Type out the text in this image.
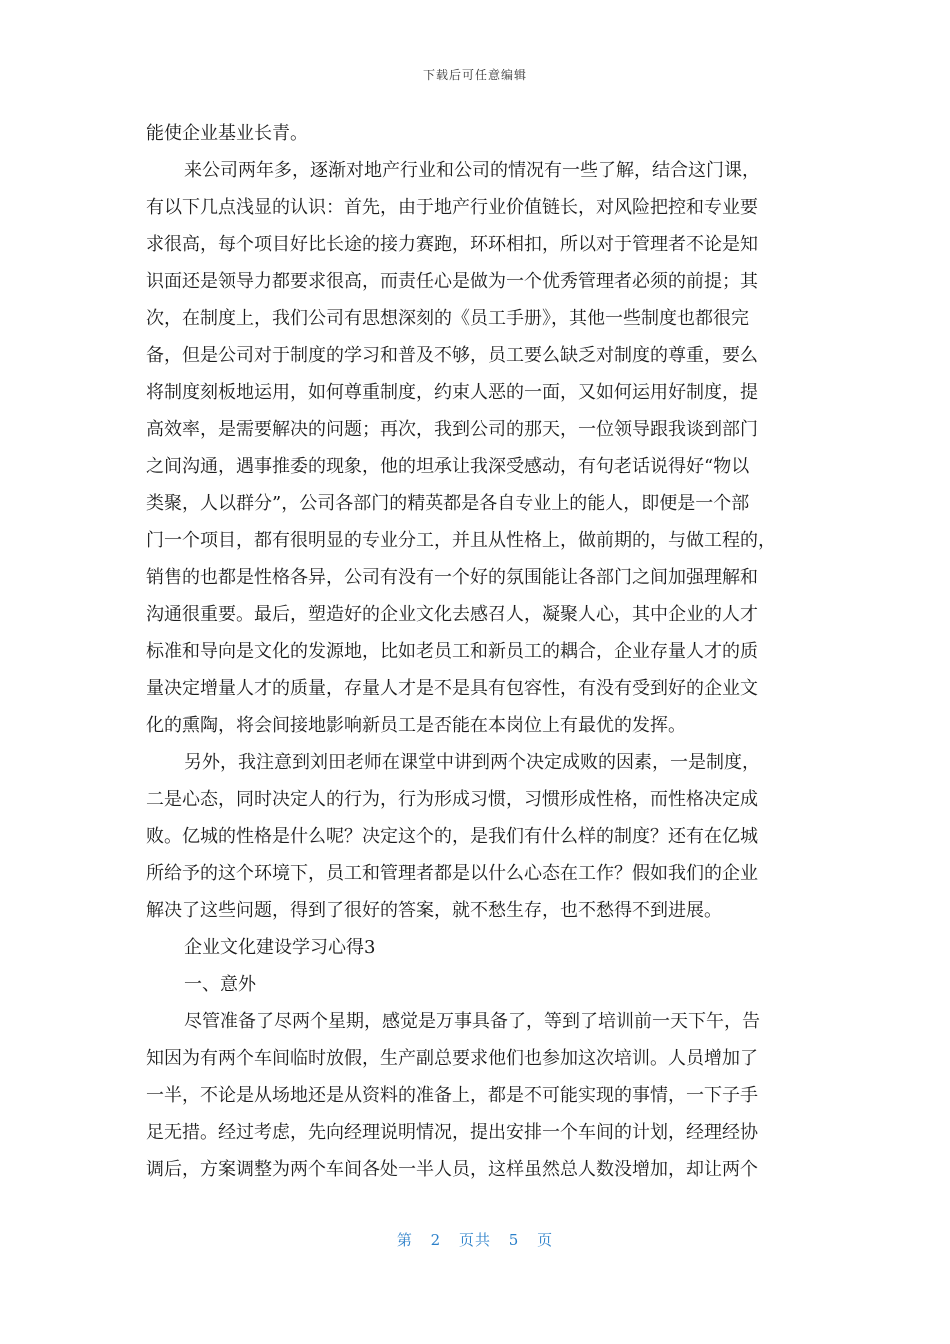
下载后可任意编辑
能使企业基业长青。
来公司两年多，逐渐对地产行业和公司的情况有一些了解，结合这门课，
有以下几点浅显的认识：首先，由于地产行业价值链长，对风险把控和专业要
求很高，每个项目好比长途的接力赛跑，环环相扣，所以对于管理者不论是知
识面还是领导力都要求很高，而责任心是做为一个优秀管理者必须的前提；其
次，在制度上，我们公司有思想深刻的《员工手册》，其他一些制度也都很完
备，但是公司对于制度的学习和普及不够，员工要么缺乏对制度的尊重，要么
将制度刻板地运用，如何尊重制度，约束人恶的一面，又如何运用好制度，提
高效率，是需要解决的问题；再次，我到公司的那天，一位领导跟我谈到部门
之间沟通，遇事推委的现象，他的坦承让我深受感动，有句老话说得好“物以
类聚，人以群分”，公司各部门的精英都是各自专业上的能人，即便是一个部
门一个项目，都有很明显的专业分工，并且从性格上，做前期的，与做工程的，
销售的也都是性格各异，公司有没有一个好的氛围能让各部门之间加强理解和
沟通很重要。最后，塑造好的企业文化去感召人，凝聚人心，其中企业的人才
标准和导向是文化的发源地，比如老员工和新员工的耦合，企业存量人才的质
量决定增量人才的质量，存量人才是不是具有包容性，有没有受到好的企业文
化的熏陶，将会间接地影响新员工是否能在本岗位上有最优的发挥。
另外，我注意到刘田老师在课堂中讲到两个决定成败的因素，一是制度，
二是心态，同时决定人的行为，行为形成习惯，习惯形成性格，而性格决定成
败。亿城的性格是什么呢？决定这个的，是我们有什么样的制度？还有在亿城
所给予的这个环境下，员工和管理者都是以什么心态在工作？假如我们的企业
解决了这些问题，得到了很好的答案，就不愁生存，也不愁得不到进展。
企业文化建设学习心得3
一、意外
尽管准备了尽两个星期，感觉是万事具备了，等到了培训前一天下午，告
知因为有两个车间临时放假，生产副总要求他们也参加这次培训。人员增加了
一半，不论是从场地还是从资料的准备上，都是不可能实现的事情，一下子手
足无措。经过考虑，先向经理说明情况，提出安排一个车间的计划，经理经协
调后，方案调整为两个车间各处一半人员，这样虽然总人数没增加，却让两个
第 2 页共 5 页
